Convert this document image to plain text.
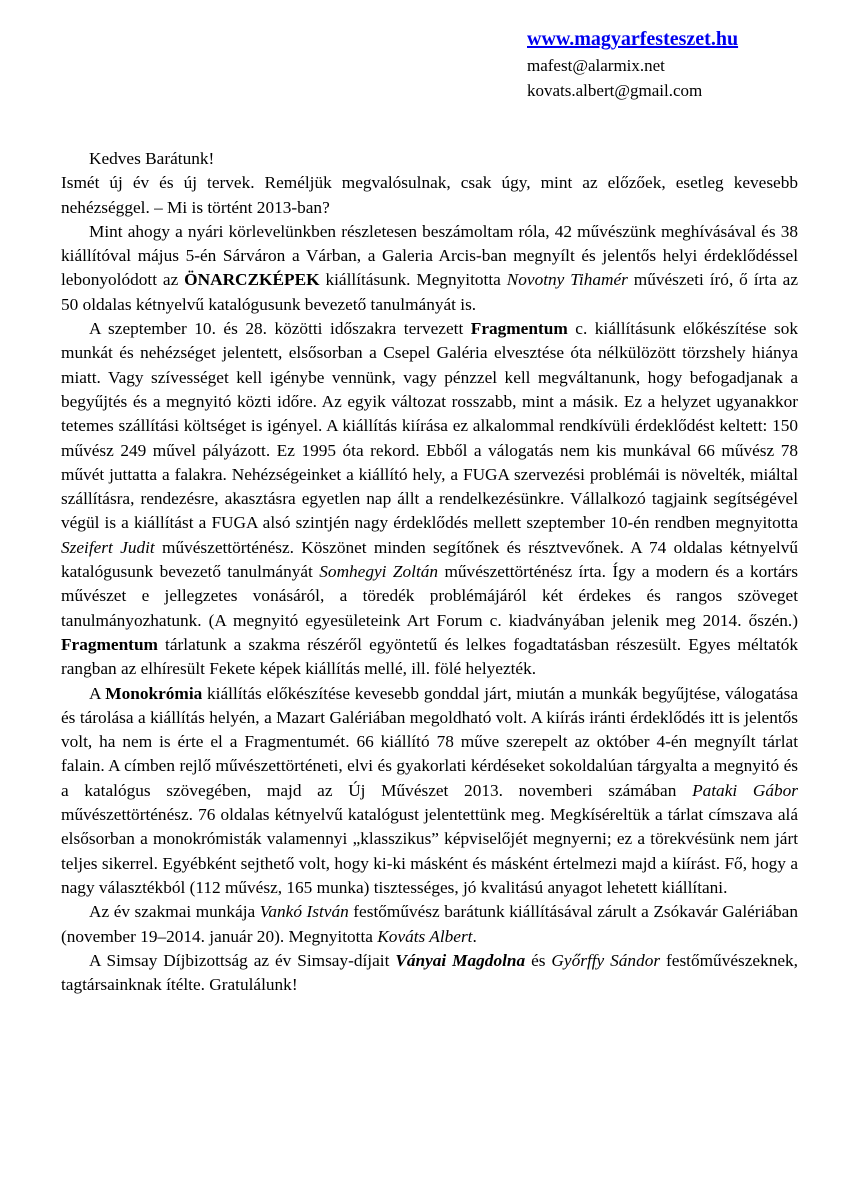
www.magyarfesteszet.hu
mafest@alarmix.net
kovats.albert@gmail.com

Kedves Barátunk!

Ismét új év és új tervek. Reméljük megvalósulnak, csak úgy, mint az előzőek, esetleg kevesebb nehézséggel. – Mi is történt 2013-ban?

Mint ahogy a nyári körlevelünkben részletesen beszámoltam róla, 42 művészünk meghívásával és 38 kiállítóval május 5-én Sárváron a Várban, a Galeria Arcis-ban megnyílt és jelentős helyi érdeklődéssel lebonyolódott az ÖNARCZKÉPEK kiállításunk. Megnyitotta Novotny Tihamér művészeti író, ő írta az 50 oldalas kétnyelvű katalógusunk bevezető tanulmányát is.

A szeptember 10. és 28. közötti időszakra tervezett Fragmentum c. kiállításunk előkészítése sok munkát és nehézséget jelentett, elsősorban a Csepel Galéria elvesztése óta nélkülözött törzshely hiánya miatt. Vagy szívességet kell igénybe vennünk, vagy pénzzel kell megváltanunk, hogy befogadjanak a begyűjtés és a megnyitó közti időre. Az egyik változat rosszabb, mint a másik. Ez a helyzet ugyanakkor tetemes szállítási költséget is igényel. A kiállítás kiírása ez alkalommal rendkívüli érdeklődést keltett: 150 művész 249 művel pályázott. Ez 1995 óta rekord. Ebből a válogatás nem kis munkával 66 művész 78 művét juttatta a falakra. Nehézségeinket a kiállító hely, a FUGA szervezési problémái is növelték, miáltal szállításra, rendezésre, akasztásra egyetlen nap állt a rendelkezésünkre. Vállalkozó tagjaink segítségével végül is a kiállítást a FUGA alsó szintjén nagy érdeklődés mellett szeptember 10-én rendben megnyitotta Szeifert Judit művészettörténész. Köszönet minden segítőnek és résztvevőnek. A 74 oldalas kétnyelvű katalógusunk bevezető tanulmányát Somhegyi Zoltán művészettörténész írta. Így a modern és a kortárs művészet e jellegzetes vonásáról, a töredék problémájáról két érdekes és rangos szöveget tanulmányozhatunk. (A megnyitó egyesületeink Art Forum c. kiadványában jelenik meg 2014. őszén.) Fragmentum tárlatunk a szakma részéről egyöntetű és lelkes fogadtatásban részesült. Egyes méltatók rangban az elhíresült Fekete képek kiállítás mellé, ill. fölé helyezték.

A Monokrómia kiállítás előkészítése kevesebb gonddal járt, miután a munkák begyűjtése, válogatása és tárolása a kiállítás helyén, a Mazart Galériában megoldható volt. A kiírás iránti érdeklődés itt is jelentős volt, ha nem is érte el a Fragmentumét. 66 kiállító 78 műve szerepelt az október 4-én megnyílt tárlat falain. A címben rejlő művészettörténeti, elvi és gyakorlati kérdéseket sokoldalúan tárgyalta a megnyitó és a katalógus szövegében, majd az Új Művészet 2013. novemberi számában Pataki Gábor művészettörténész. 76 oldalas kétnyelvű katalógust jelentettünk meg. Megkíséreltük a tárlat címszava alá elsősorban a monokrómisták valamennyi „klasszikus” képviselőjét megnyerni; ez a törekvésünk nem járt teljes sikerrel. Egyébként sejthető volt, hogy ki-ki másként és másként értelmezi majd a kiírást. Fő, hogy a nagy választékból (112 művész, 165 munka) tisztességes, jó kvalitású anyagot lehetett kiállítani.

Az év szakmai munkája Vankó István festőművész barátunk kiállításával zárult a Zsókavár Galériában (november 19–2014. január 20). Megnyitotta Kováts Albert.

A Simsay Díjbizottság az év Simsay-díjait Ványai Magdolna és Győrffy Sándor festőművészeknek, tagtársainknak ítélte. Gratulálunk!
